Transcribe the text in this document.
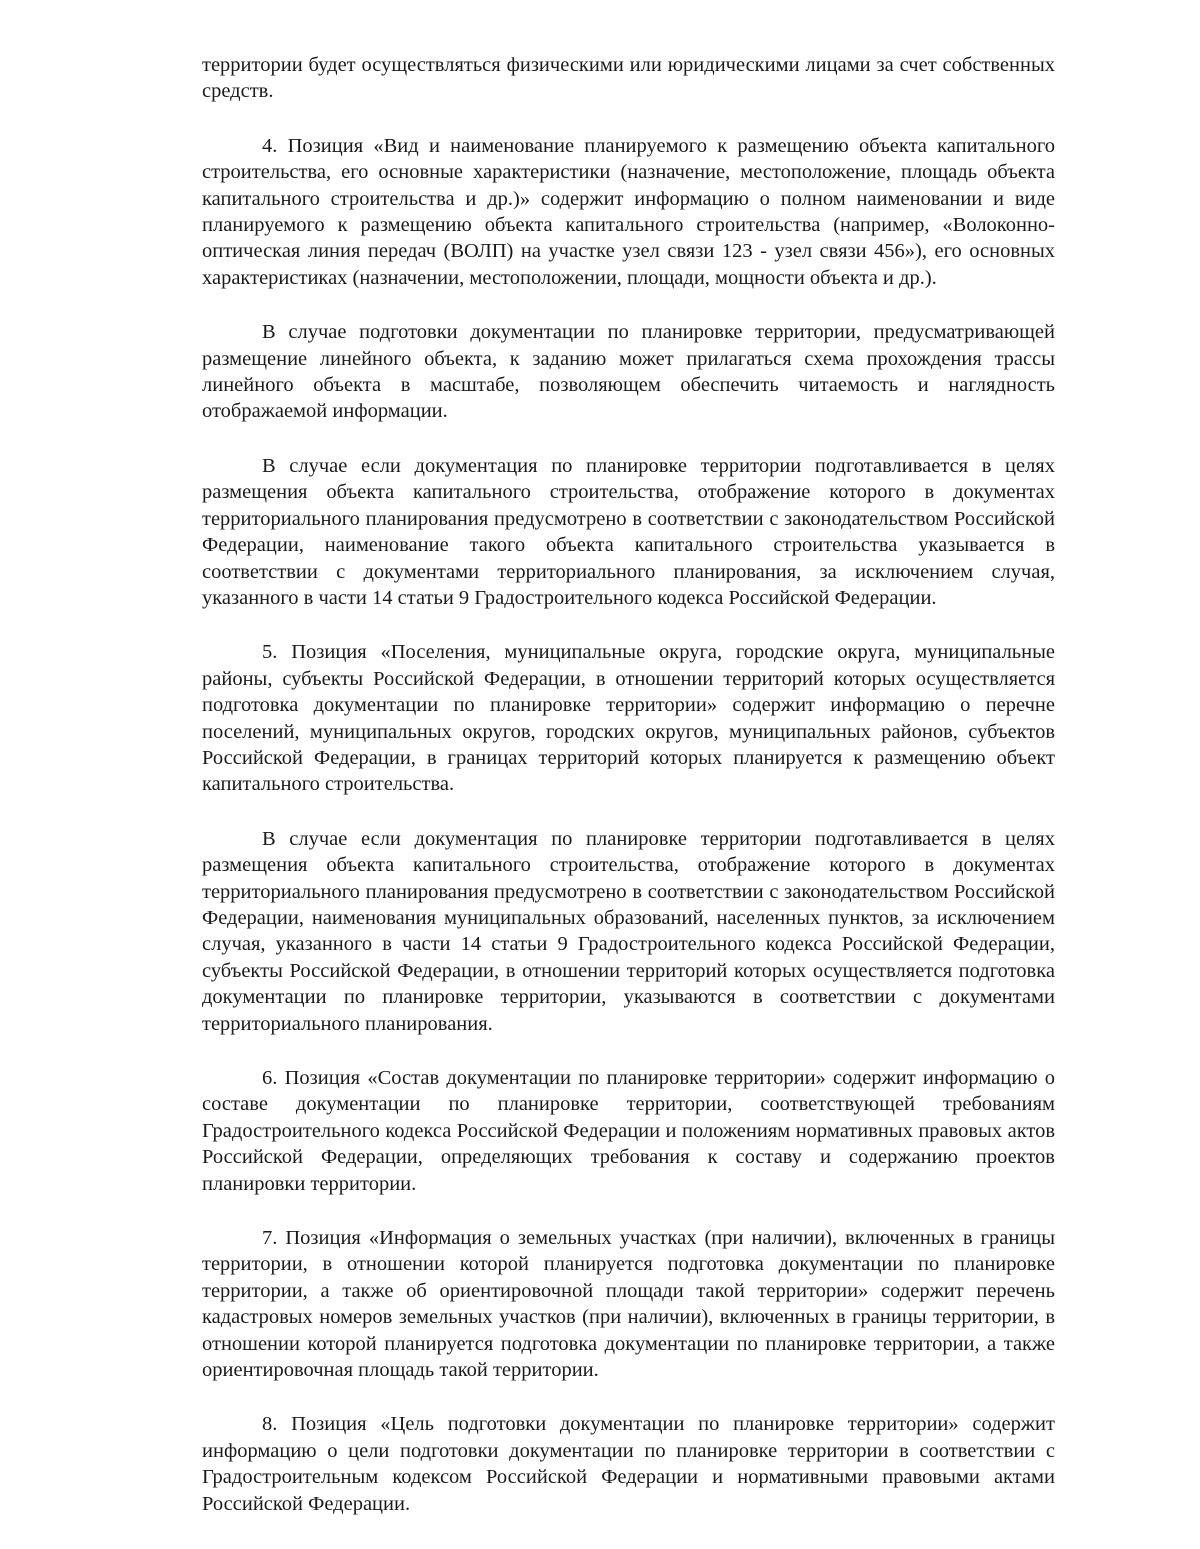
территории будет осуществляться физическими или юридическими лицами за счет собственных средств.

4. Позиция «Вид и наименование планируемого к размещению объекта капитального строительства, его основные характеристики (назначение, местоположение, площадь объекта капитального строительства и др.)» содержит информацию о полном наименовании и виде планируемого к размещению объекта капитального строительства (например, «Волоконно-оптическая линия передач (ВОЛП) на участке узел связи 123 - узел связи 456»), его основных характеристиках (назначении, местоположении, площади, мощности объекта и др.).

В случае подготовки документации по планировке территории, предусматривающей размещение линейного объекта, к заданию может прилагаться схема прохождения трассы линейного объекта в масштабе, позволяющем обеспечить читаемость и наглядность отображаемой информации.

В случае если документация по планировке территории подготавливается в целях размещения объекта капитального строительства, отображение которого в документах территориального планирования предусмотрено в соответствии с законодательством Российской Федерации, наименование такого объекта капитального строительства указывается в соответствии с документами территориального планирования, за исключением случая, указанного в части 14 статьи 9 Градостроительного кодекса Российской Федерации.

5. Позиция «Поселения, муниципальные округа, городские округа, муниципальные районы, субъекты Российской Федерации, в отношении территорий которых осуществляется подготовка документации по планировке территории» содержит информацию о перечне поселений, муниципальных округов, городских округов, муниципальных районов, субъектов Российской Федерации, в границах территорий которых планируется к размещению объект капитального строительства.

В случае если документация по планировке территории подготавливается в целях размещения объекта капитального строительства, отображение которого в документах территориального планирования предусмотрено в соответствии с законодательством Российской Федерации, наименования муниципальных образований, населенных пунктов, за исключением случая, указанного в части 14 статьи 9 Градостроительного кодекса Российской Федерации, субъекты Российской Федерации, в отношении территорий которых осуществляется подготовка документации по планировке территории, указываются в соответствии с документами территориального планирования.

6. Позиция «Состав документации по планировке территории» содержит информацию о составе документации по планировке территории, соответствующей требованиям Градостроительного кодекса Российской Федерации и положениям нормативных правовых актов Российской Федерации, определяющих требования к составу и содержанию проектов планировки территории.

7. Позиция «Информация о земельных участках (при наличии), включенных в границы территории, в отношении которой планируется подготовка документации по планировке территории, а также об ориентировочной площади такой территории» содержит перечень кадастровых номеров земельных участков (при наличии), включенных в границы территории, в отношении которой планируется подготовка документации по планировке территории, а также ориентировочная площадь такой территории.

8. Позиция «Цель подготовки документации по планировке территории» содержит информацию о цели подготовки документации по планировке территории в соответствии с Градостроительным кодексом Российской Федерации и нормативными правовыми актами Российской Федерации.
